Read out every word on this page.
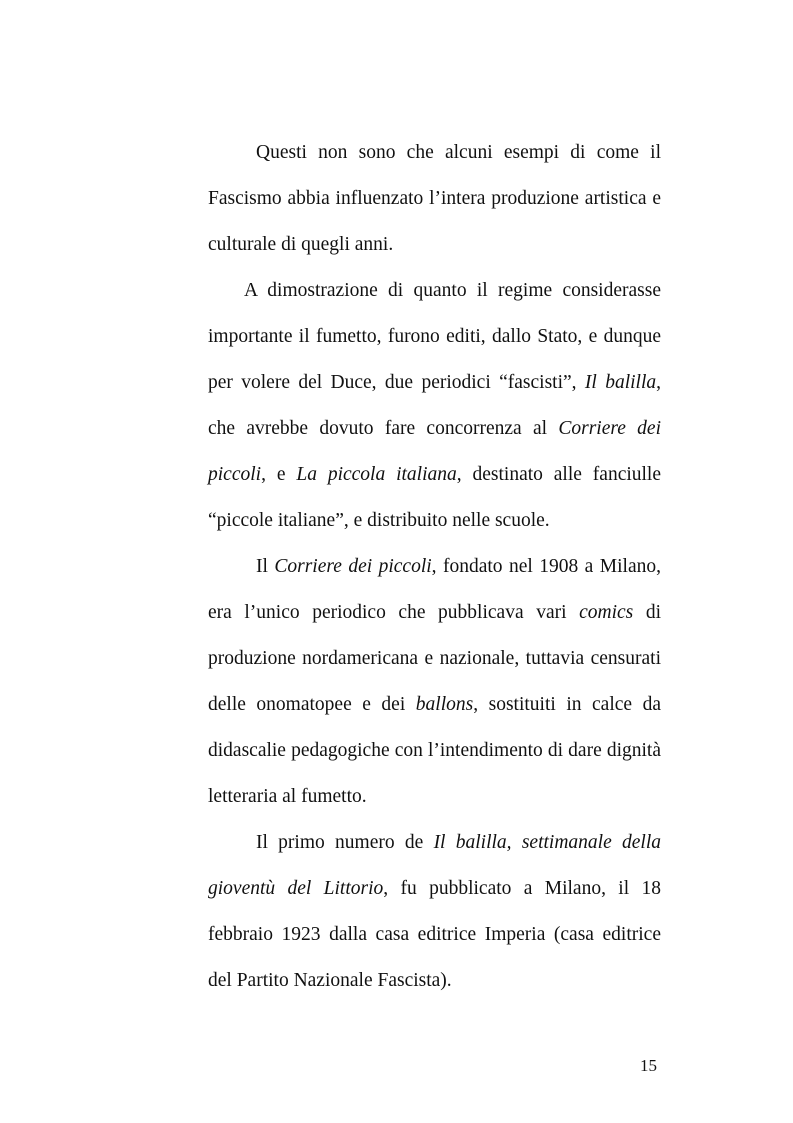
Questi non sono che alcuni esempi di come il Fascismo abbia influenzato l’intera produzione artistica e culturale di quegli anni.

A dimostrazione di quanto il regime considerasse importante il fumetto, furono editi, dallo Stato, e dunque per volere del Duce, due periodici “fascisti”, Il balilla, che avrebbe dovuto fare concorrenza al Corriere dei piccoli, e La piccola italiana, destinato alle fanciulle “piccole italiane”, e distribuito nelle scuole.

Il Corriere dei piccoli, fondato nel 1908 a Milano, era l’unico periodico che pubblicava vari comics di produzione nordamericana e nazionale, tuttavia censurati delle onomatopee e dei ballons, sostituiti in calce da didascalie pedagogiche con l’intendimento di dare dignità letteraria al fumetto.

Il primo numero de Il balilla, settimanale della gioventù del Littorio, fu pubblicato a Milano, il 18 febbraio 1923 dalla casa editrice Imperia (casa editrice del Partito Nazionale Fascista).

15
